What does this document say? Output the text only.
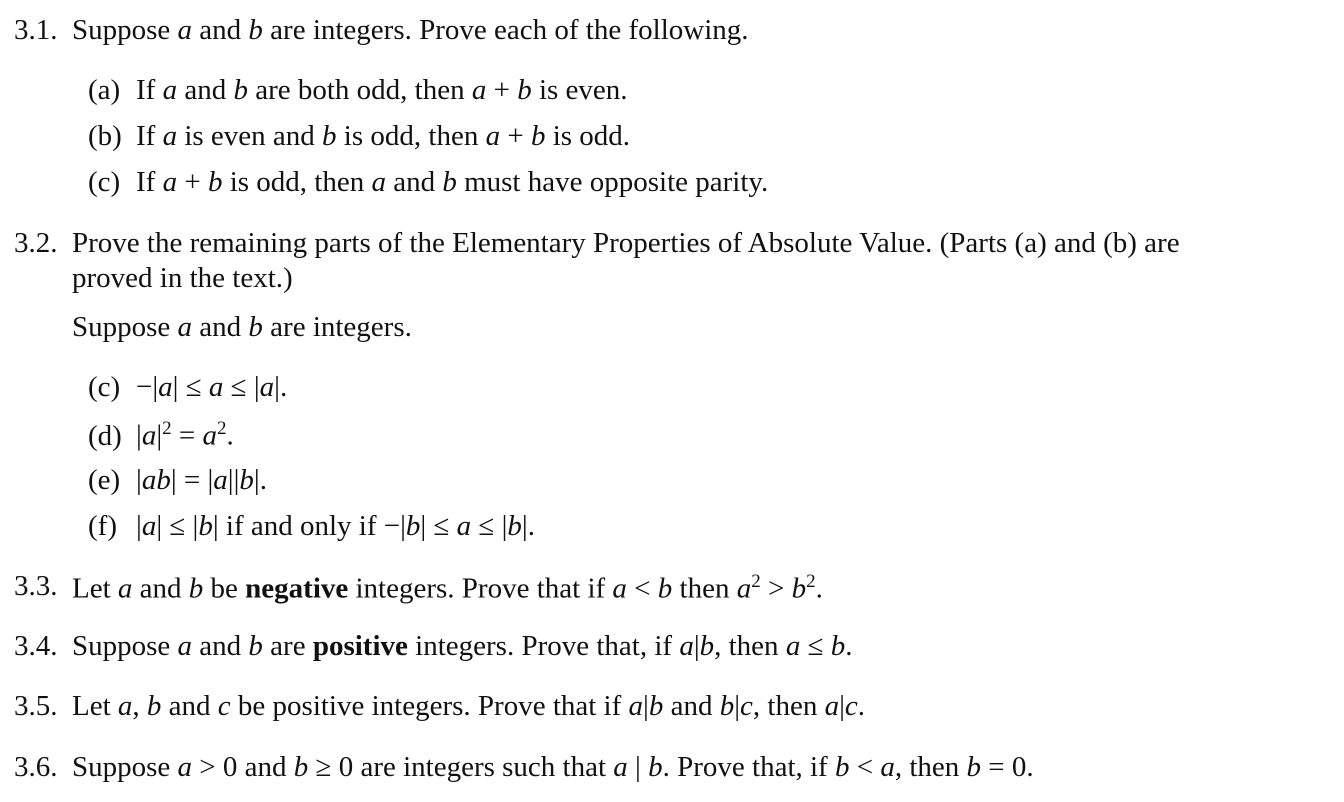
3.1. Suppose a and b are integers. Prove each of the following.
(a) If a and b are both odd, then a + b is even.
(b) If a is even and b is odd, then a + b is odd.
(c) If a + b is odd, then a and b must have opposite parity.
3.2. Prove the remaining parts of the Elementary Properties of Absolute Value. (Parts (a) and (b) are
proved in the text.)
Suppose a and b are integers.
(c) −|a| ≤ a ≤ |a|.
(d) $|a|^2 = a^2$.
(e) |ab| = |a||b|.
(f) |a| ≤ |b| if and only if −|b| ≤ a ≤ |b|.
3.3. Let a and b be negative integers. Prove that if a < b then $a^2 > b^2$.
3.4. Suppose a and b are positive integers. Prove that, if a|b, then a ≤ b.
3.5. Let a, b and c be positive integers. Prove that if a|b and b|c, then a|c.
3.6. Suppose a > 0 and b ≥ 0 are integers such that a | b. Prove that, if b < a, then b = 0.
